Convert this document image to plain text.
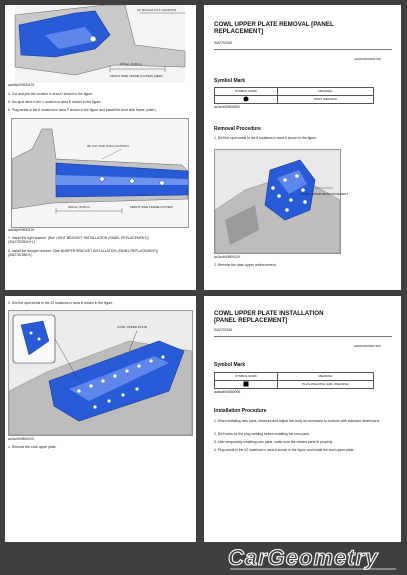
(C) ROUGH CUT LOCATION
165mm (6.50 in)
FRONT SIDE FRAME (OUTER) (NEW)
arw3rjb00800475
4. Cut and join the location in area D shown in the figure.
5. Arc spot weld in the 1 location in area E shown in the figure.
6. Plug welds in the 6 locations in area F shown in the figure and install the front side frame (outer).
(B) CUT AND JOIN LOCATION
FRONT SIDE FRAME (OUTER)
200mm (6.69 in)
arw3rjb00800476
7. Install the right bracket. (See LIGHT BRACKET INSTALLATION (PANEL REPLACEMENT))
(SM2752351N+L)
8. Install the bumper bracket. (See BUMPER BRACKET INSTALLATION (PANEL REPLACEMENT))
(SM2752366+L)
COWL UPPER PLATE REMOVAL [PANEL REPLACEMENT]
SM2752345
ad00000000891738
Symbol Mark
SYMBOL MARK	MEANING
	SPOT WELDING
ac3zzb00800592
Removal Procedure
1. Drill the spot welds in the 8 locations in area A shown in the figure.
COWL UPPER REINFORCEMENT
ac3zzb00800019
2. Remove the dash upper reinforcement.
3. Drill the spot welds in the 22 locations in area B shown in the figure.
COWL UPPER PLATE
ac3zzb00800020
4. Remove the cowl upper plate.
COWL UPPER PLATE INSTALLATION
[PANEL REPLACEMENT]
SM2752346
ad00000000897200
Symbol Mark
SYMBOL MARK	MEANING
	PLUG WELDING (ARC WELDING)
ac8udb00800096
Installation Procedure
1. When installing new parts, measure and adjust the body as necessary to conform with standard dimensions.
2. Drill holes for the plug welding before installing the new parts.
3. After temporarily installing new parts, make sure the related parts fit properly.
4. Plug welds in the 22 locations in area A shown in the figure and install the cowl upper plate.
CarGeometry
